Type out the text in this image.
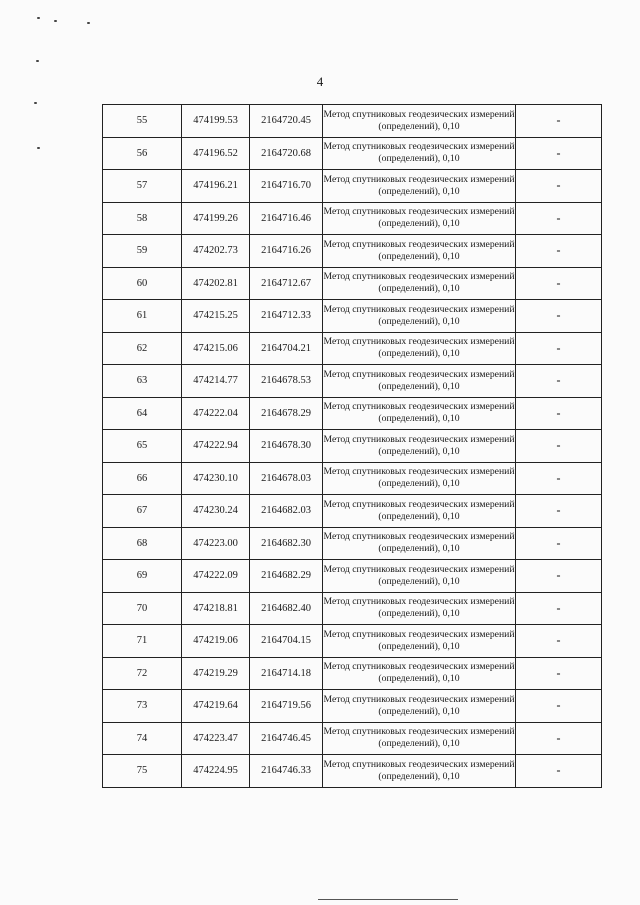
4
55	474199.53	2164720.45	Метод спутниковых геодезических измерений (определений), 0,10	-
56	474196.52	2164720.68	Метод спутниковых геодезических измерений (определений), 0,10	-
57	474196.21	2164716.70	Метод спутниковых геодезических измерений (определений), 0,10	-
58	474199.26	2164716.46	Метод спутниковых геодезических измерений (определений), 0,10	-
59	474202.73	2164716.26	Метод спутниковых геодезических измерений (определений), 0,10	-
60	474202.81	2164712.67	Метод спутниковых геодезических измерений (определений), 0,10	-
61	474215.25	2164712.33	Метод спутниковых геодезических измерений (определений), 0,10	-
62	474215.06	2164704.21	Метод спутниковых геодезических измерений (определений), 0,10	-
63	474214.77	2164678.53	Метод спутниковых геодезических измерений (определений), 0,10	-
64	474222.04	2164678.29	Метод спутниковых геодезических измерений (определений), 0,10	-
65	474222.94	2164678.30	Метод спутниковых геодезических измерений (определений), 0,10	-
66	474230.10	2164678.03	Метод спутниковых геодезических измерений (определений), 0,10	-
67	474230.24	2164682.03	Метод спутниковых геодезических измерений (определений), 0,10	-
68	474223.00	2164682.30	Метод спутниковых геодезических измерений (определений), 0,10	-
69	474222.09	2164682.29	Метод спутниковых геодезических измерений (определений), 0,10	-
70	474218.81	2164682.40	Метод спутниковых геодезических измерений (определений), 0,10	-
71	474219.06	2164704.15	Метод спутниковых геодезических измерений (определений), 0,10	-
72	474219.29	2164714.18	Метод спутниковых геодезических измерений (определений), 0,10	-
73	474219.64	2164719.56	Метод спутниковых геодезических измерений (определений), 0,10	-
74	474223.47	2164746.45	Метод спутниковых геодезических измерений (определений), 0,10	-
75	474224.95	2164746.33	Метод спутниковых геодезических измерений (определений), 0,10	-
